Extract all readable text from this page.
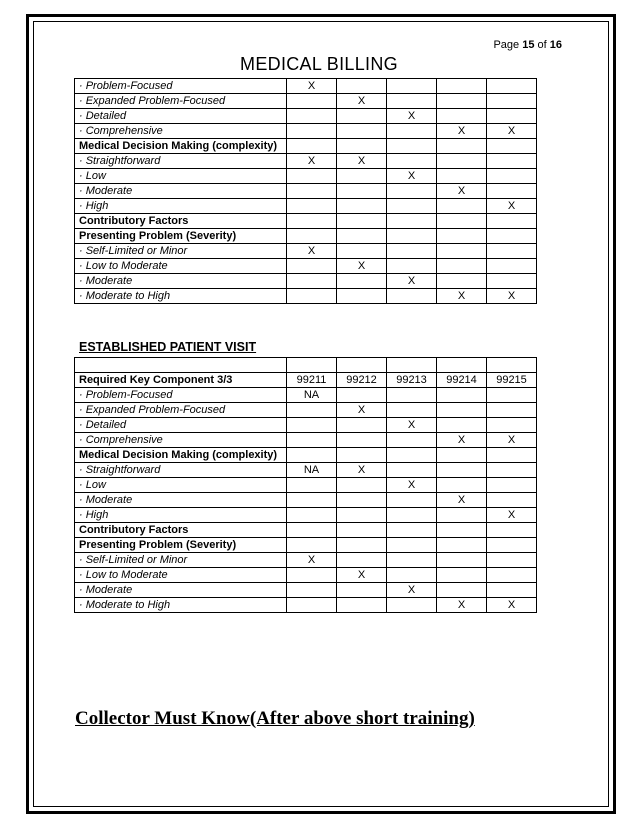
Page 15 of 16
MEDICAL BILLING
· Problem-Focused	X				
· Expanded Problem-Focused		X			
· Detailed			X		
· Comprehensive				X	X
Medical Decision Making (complexity)					
· Straightforward	X	X			
· Low			X		
· Moderate				X	
· High					X
Contributory Factors					
Presenting Problem (Severity)					
· Self-Limited or Minor	X				
· Low to Moderate		X			
· Moderate			X		
· Moderate to High				X	X
ESTABLISHED PATIENT VISIT

Required Key Component 3/3	99211	99212	99213	99214	99215
· Problem-Focused	NA				
· Expanded Problem-Focused		X			
· Detailed			X		
· Comprehensive				X	X
Medical Decision Making (complexity)					
· Straightforward	NA	X			
· Low			X		
· Moderate				X	
· High					X
Contributory Factors					
Presenting Problem (Severity)					
· Self-Limited or Minor	X				
· Low to Moderate		X			
· Moderate			X		
· Moderate to High				X	X
Collector Must Know(After above short training)
